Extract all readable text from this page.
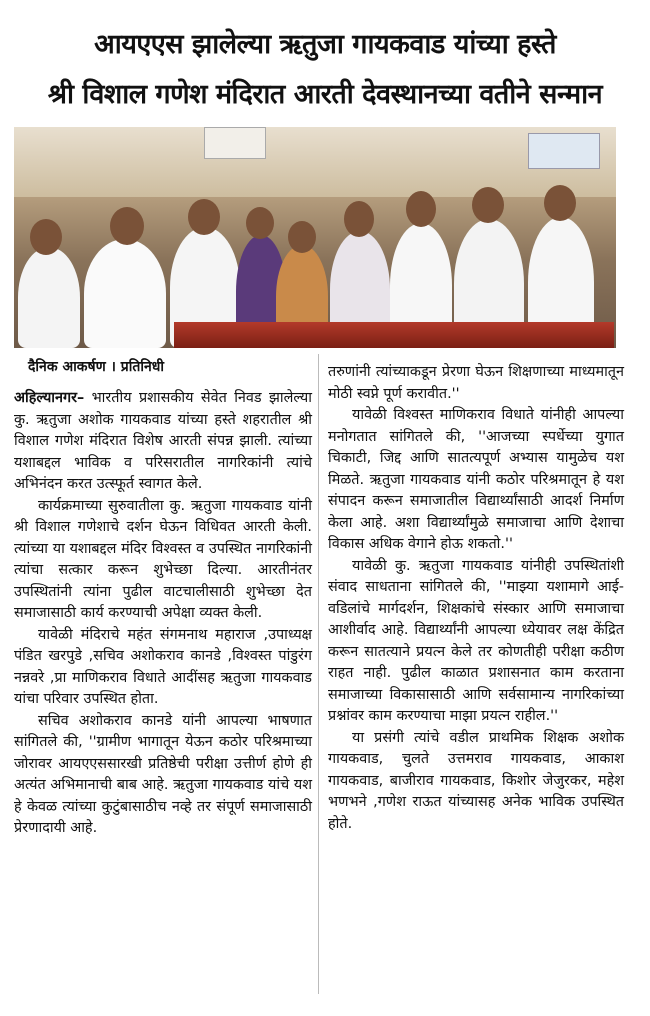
आयएएस झालेल्या ऋतुजा गायकवाड यांच्या हस्ते
श्री विशाल गणेश मंदिरात आरती देवस्थानच्या वतीने सन्मान
दैनिक आकर्षण । प्रतिनिधी

अहिल्यानगर– भारतीय प्रशासकीय सेवेत निवड झालेल्या कु. ऋतुजा अशोक गायकवाड यांच्या हस्ते शहरातील श्री विशाल गणेश मंदिरात विशेष आरती संपन्न झाली. त्यांच्या यशाबद्दल भाविक व परिसरातील नागरिकांनी त्यांचे अभिनंदन करत उत्स्फूर्त स्वागत केले.

कार्यक्रमाच्या सुरुवातीला कु. ऋतुजा गायकवाड यांनी श्री विशाल गणेशाचे दर्शन घेऊन विधिवत आरती केली. त्यांच्या या यशाबद्दल मंदिर विश्वस्त व उपस्थित नागरिकांनी त्यांचा सत्कार करून शुभेच्छा दिल्या. आरतीनंतर उपस्थितांनी त्यांना पुढील वाटचालीसाठी शुभेच्छा देत समाजासाठी कार्य करण्याची अपेक्षा व्यक्त केली.

यावेळी मंदिराचे महंत संगमनाथ महाराज ,उपाध्यक्ष पंडित खरपुडे ,सचिव अशोकराव कानडे ,विश्वस्त पांडुरंग नन्नवरे ,प्रा माणिकराव विधाते आदींसह ऋतुजा गायकवाड यांचा परिवार उपस्थित होता.

सचिव अशोकराव कानडे यांनी आपल्या भाषणात सांगितले की, ''ग्रामीण भागातून येऊन कठोर परिश्रमाच्या जोरावर आयएएससारखी प्रतिष्ठेची परीक्षा उत्तीर्ण होणे ही अत्यंत अभिमानाची बाब आहे. ऋतुजा गायकवाड यांचे यश हे केवळ त्यांच्या कुटुंबासाठीच नव्हे तर संपूर्ण समाजासाठी प्रेरणादायी आहे.

तरुणांनी त्यांच्याकडून प्रेरणा घेऊन शिक्षणाच्या माध्यमातून मोठी स्वप्ने पूर्ण करावीत.''

यावेळी विश्वस्त माणिकराव विधाते यांनीही आपल्या मनोगतात सांगितले की, ''आजच्या स्पर्धेच्या युगात चिकाटी, जिद्द आणि सातत्यपूर्ण अभ्यास यामुळेच यश मिळते. ऋतुजा गायकवाड यांनी कठोर परिश्रमातून हे यश संपादन करून समाजातील विद्यार्थ्यांसाठी आदर्श निर्माण केला आहे. अशा विद्यार्थ्यांमुळे समाजाचा आणि देशाचा विकास अधिक वेगाने होऊ शकतो.''

यावेळी कु. ऋतुजा गायकवाड यांनीही उपस्थितांशी संवाद साधताना सांगितले की, ''माझ्या यशामागे आई-वडिलांचे मार्गदर्शन, शिक्षकांचे संस्कार आणि समाजाचा आशीर्वाद आहे. विद्यार्थ्यांनी आपल्या ध्येयावर लक्ष केंद्रित करून सातत्याने प्रयत्न केले तर कोणतीही परीक्षा कठीण राहत नाही. पुढील काळात प्रशासनात काम करताना समाजाच्या विकासासाठी आणि सर्वसामान्य नागरिकांच्या प्रश्नांवर काम करण्याचा माझा प्रयत्न राहील.''

या प्रसंगी त्यांचे वडील प्राथमिक शिक्षक अशोक गायकवाड, चुलते उत्तमराव गायकवाड, आकाश गायकवाड, बाजीराव गायकवाड, किशोर जेजुरकर, महेश भणभने ,गणेश राऊत यांच्यासह अनेक भाविक उपस्थित होते.
